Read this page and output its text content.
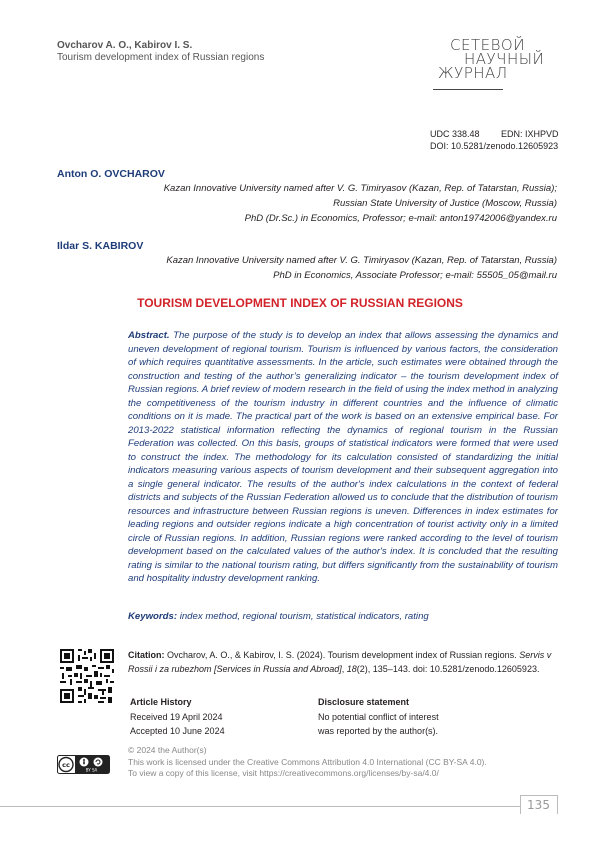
Ovcharov A. O., Kabirov I. S.
Tourism development index of Russian regions
СЕТЕВОЙ
НАУЧНЫЙ
ЖУРНАЛ
UDC 338.48 EDN: IXHPVD
DOI: 10.5281/zenodo.12605923
Anton O. OVCHAROV
Kazan Innovative University named after V. G. Timiryasov (Kazan, Rep. of Tatarstan, Russia);
Russian State University of Justice (Moscow, Russia)
PhD (Dr.Sc.) in Economics, Professor; e-mail: anton19742006@yandex.ru
Ildar S. KABIROV
Kazan Innovative University named after V. G. Timiryasov (Kazan, Rep. of Tatarstan, Russia)
PhD in Economics, Associate Professor; e-mail: 55505_05@mail.ru
TOURISM DEVELOPMENT INDEX OF RUSSIAN REGIONS
Abstract. The purpose of the study is to develop an index that allows assessing the dynamics and uneven development of regional tourism. Tourism is influenced by various factors, the consideration of which requires quantitative assessments. In the article, such estimates were obtained through the construction and testing of the author’s generalizing indicator – the tourism development index of Russian regions. A brief review of modern research in the field of using the index method in analyzing the competitiveness of the tourism industry in different countries and the influence of climatic conditions on it is made. The practical part of the work is based on an extensive empirical base. For 2013-2022 statistical information reflecting the dynamics of regional tourism in the Russian Federation was collected. On this basis, groups of statistical indicators were formed that were used to construct the index. The methodology for its calculation consisted of standardizing the initial indicators measuring various aspects of tourism development and their subsequent aggregation into a single general indicator. The results of the author's index calculations in the context of federal districts and subjects of the Russian Federation allowed us to conclude that the distribution of tourism resources and infrastructure between Russian regions is uneven. Differences in index estimates for leading regions and outsider regions indicate a high concentration of tourist activity only in a limited circle of Russian regions. In addition, Russian regions were ranked according to the level of tourism development based on the calculated values of the author's index. It is concluded that the resulting rating is similar to the national tourism rating, but differs significantly from the sustainability of tourism and hospitality industry development ranking.
Keywords: index method, regional tourism, statistical indicators, rating
Citation: Ovcharov, A. O., & Kabirov, I. S. (2024). Tourism development index of Russian regions. Servis v Rossii i za rubezhom [Services in Russia and Abroad], 18(2), 135–143. doi: 10.5281/zenodo.12605923.
Article History
Received 19 April 2024
Accepted 10 June 2024
Disclosure statement
No potential conflict of interest
was reported by the author(s).
cc
BY SA
© 2024 the Author(s)
This work is licensed under the Creative Commons Attribution 4.0 International (CC BY-SA 4.0).
To view a copy of this license, visit https://creativecommons.org/licenses/by-sa/4.0/
135
